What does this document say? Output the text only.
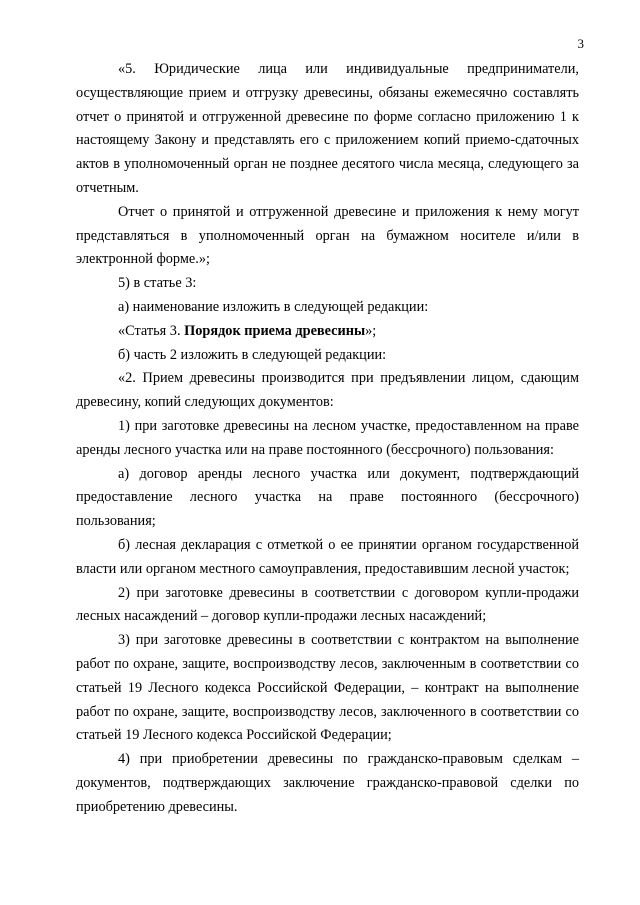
3

«5. Юридические лица или индивидуальные предприниматели, осуществляющие прием и отгрузку древесины, обязаны ежемесячно составлять отчет о принятой и отгруженной древесине по форме согласно приложению 1 к настоящему Закону и представлять его с приложением копий приемо-сдаточных актов в уполномоченный орган не позднее десятого числа месяца, следующего за отчетным.

Отчет о принятой и отгруженной древесине и приложения к нему могут представляться в уполномоченный орган на бумажном носителе и/или в электронной форме.»;

5) в статье 3:

а) наименование изложить в следующей редакции:

«Статья 3. Порядок приема древесины»;

б) часть 2 изложить в следующей редакции:

«2. Прием древесины производится при предъявлении лицом, сдающим древесину, копий следующих документов:

1) при заготовке древесины на лесном участке, предоставленном на праве аренды лесного участка или на праве постоянного (бессрочного) пользования:

а) договор аренды лесного участка или документ, подтверждающий предоставление лесного участка на праве постоянного (бессрочного) пользования;

б) лесная декларация с отметкой о ее принятии органом государственной власти или органом местного самоуправления, предоставившим лесной участок;

2) при заготовке древесины в соответствии с договором купли-продажи лесных насаждений – договор купли-продажи лесных насаждений;

3) при заготовке древесины в соответствии с контрактом на выполнение работ по охране, защите, воспроизводству лесов, заключенным в соответствии со статьей 19 Лесного кодекса Российской Федерации, – контракт на выполнение работ по охране, защите, воспроизводству лесов, заключенного в соответствии со статьей 19 Лесного кодекса Российской Федерации;

4) при приобретении древесины по гражданско-правовым сделкам – документов, подтверждающих заключение гражданско-правовой сделки по приобретению древесины.
